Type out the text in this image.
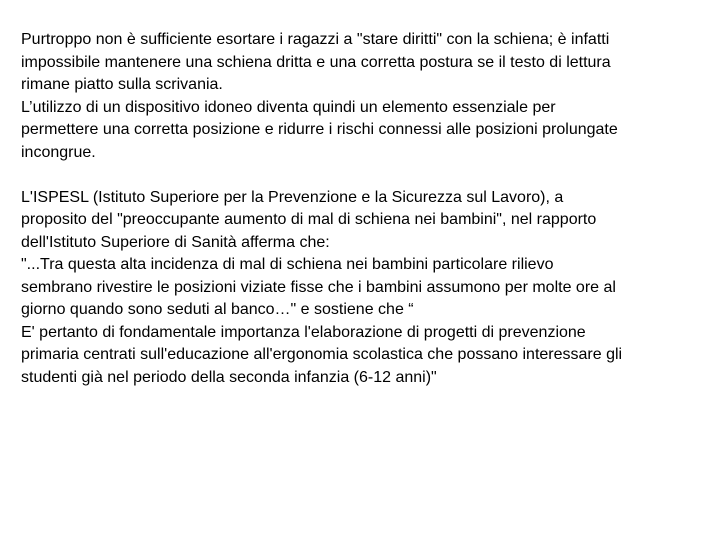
Purtroppo non è sufficiente esortare i ragazzi a "stare diritti" con la schiena; è infatti
impossibile mantenere una schiena dritta e una corretta postura se il testo di lettura
rimane piatto sulla scrivania.
L’utilizzo di un dispositivo idoneo diventa quindi un elemento essenziale per
permettere una corretta posizione e ridurre i rischi connessi alle posizioni prolungate
incongrue.
L'ISPESL (Istituto Superiore per la Prevenzione e la Sicurezza sul Lavoro), a
proposito del "preoccupante aumento di mal di schiena nei bambini", nel rapporto
dell'Istituto Superiore di Sanità afferma che:
"...Tra questa alta incidenza di mal di schiena nei bambini particolare rilievo
sembrano rivestire le posizioni viziate fisse che i bambini assumono per molte ore al
giorno quando sono seduti al banco…" e sostiene che “
E' pertanto di fondamentale importanza l'elaborazione di progetti di prevenzione
primaria centrati sull'educazione all'ergonomia scolastica che possano interessare gli
studenti già nel periodo della seconda infanzia (6-12 anni)"
